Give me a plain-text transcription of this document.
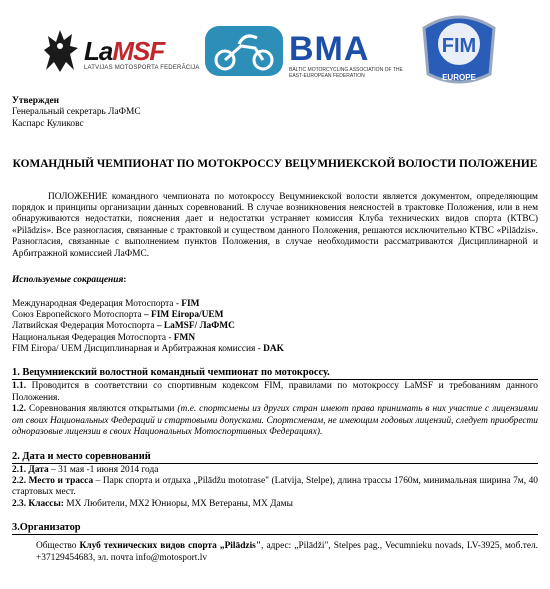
LaMSF
LATVIJAS MOTOSPORTA FEDERĀCIJA	BMA
BALTIC MOTORCYCLING ASSOCIATION OF THE EAST-EUROPEAN FEDERATION
FIM
EUROPE
Утвержден
Генеральный секретарь ЛаФМС
Каспарс Куликовс
КОМАНДНЫЙ ЧЕМПИОНАТ ПО МОТОКРОССУ ВЕЦУМНИЕКСКОЙ ВОЛОСТИ ПОЛОЖЕНИЕ

ПОЛОЖЕНИЕ командного чемпионата по мотокроссу Вецумниекской волости является документом, определяющим порядок и принципы организации данных соревнований. В случае возникновения неясностей в трактовке Положения, или в нем обнаруживаются недостатки, пояснения дает и недостатки устраняет комиссия Клуба технических видов спорта (КТВС) «Pilādzis». Все разногласия, связанные с трактовкой и существом данного Положения, решаются исключительно КТВС «Pilādzis». Разногласия, связанные с выполнением пунктов Положения, в случае необходимости рассматриваются Дисциплинарной и Арбитражной комиссией ЛаФМС.

Используемые сокращения:
Международная Федерация Мотоспорта - FIM
Союз Европейского Мотоспорта – FIM Eiropa/UEM
Латвийская Федерация Мотоспорта – LaMSF/ ЛаФМС
Национальная Федерация Мотоспорта - FMN
FIM Eiropa/ UEM Дисциплинарная и Арбитражная комиссия - DAK
1. Вецумниекский волостной командный чемпионат по мотокроссу.

1.1. Проводится в соответствии со спортивным кодексом FIM, правилами по мотокроссу LaMSF и требованиям данного Положения.

1.2. Соревнования являются открытыми (т.е. спортсмены из других стран имеют права принимать в них участие с лицензиями от своих Национальных Федераций и стартовыми допусками. Спортсменам, не имеющим годовых лицензий, следует приобрести одноразовые лицензии в своих Национальных Мотоспортивных Федерациях).

2. Дата и место соревнований

2.1. Дата – 31 мая -1 июня 2014 года

2.2. Место и трасса – Парк спорта и отдыха „Pilādžu mototrase" (Latvija, Stelpe), длина трассы 1760м, минимальная ширина 7м, 40 стартовых мест.

2.3. Классы: MX Любители, MX2 Юниоры, MX Ветераны, MX Дамы

3.Организатор

Общество Клуб технических видов спорта „Pilādzis", адрес: „Pilādži", Stelpes pag., Vecumnieku novads, LV-3925, моб.тел. +37129454683, эл. почта info@motosport.lv
